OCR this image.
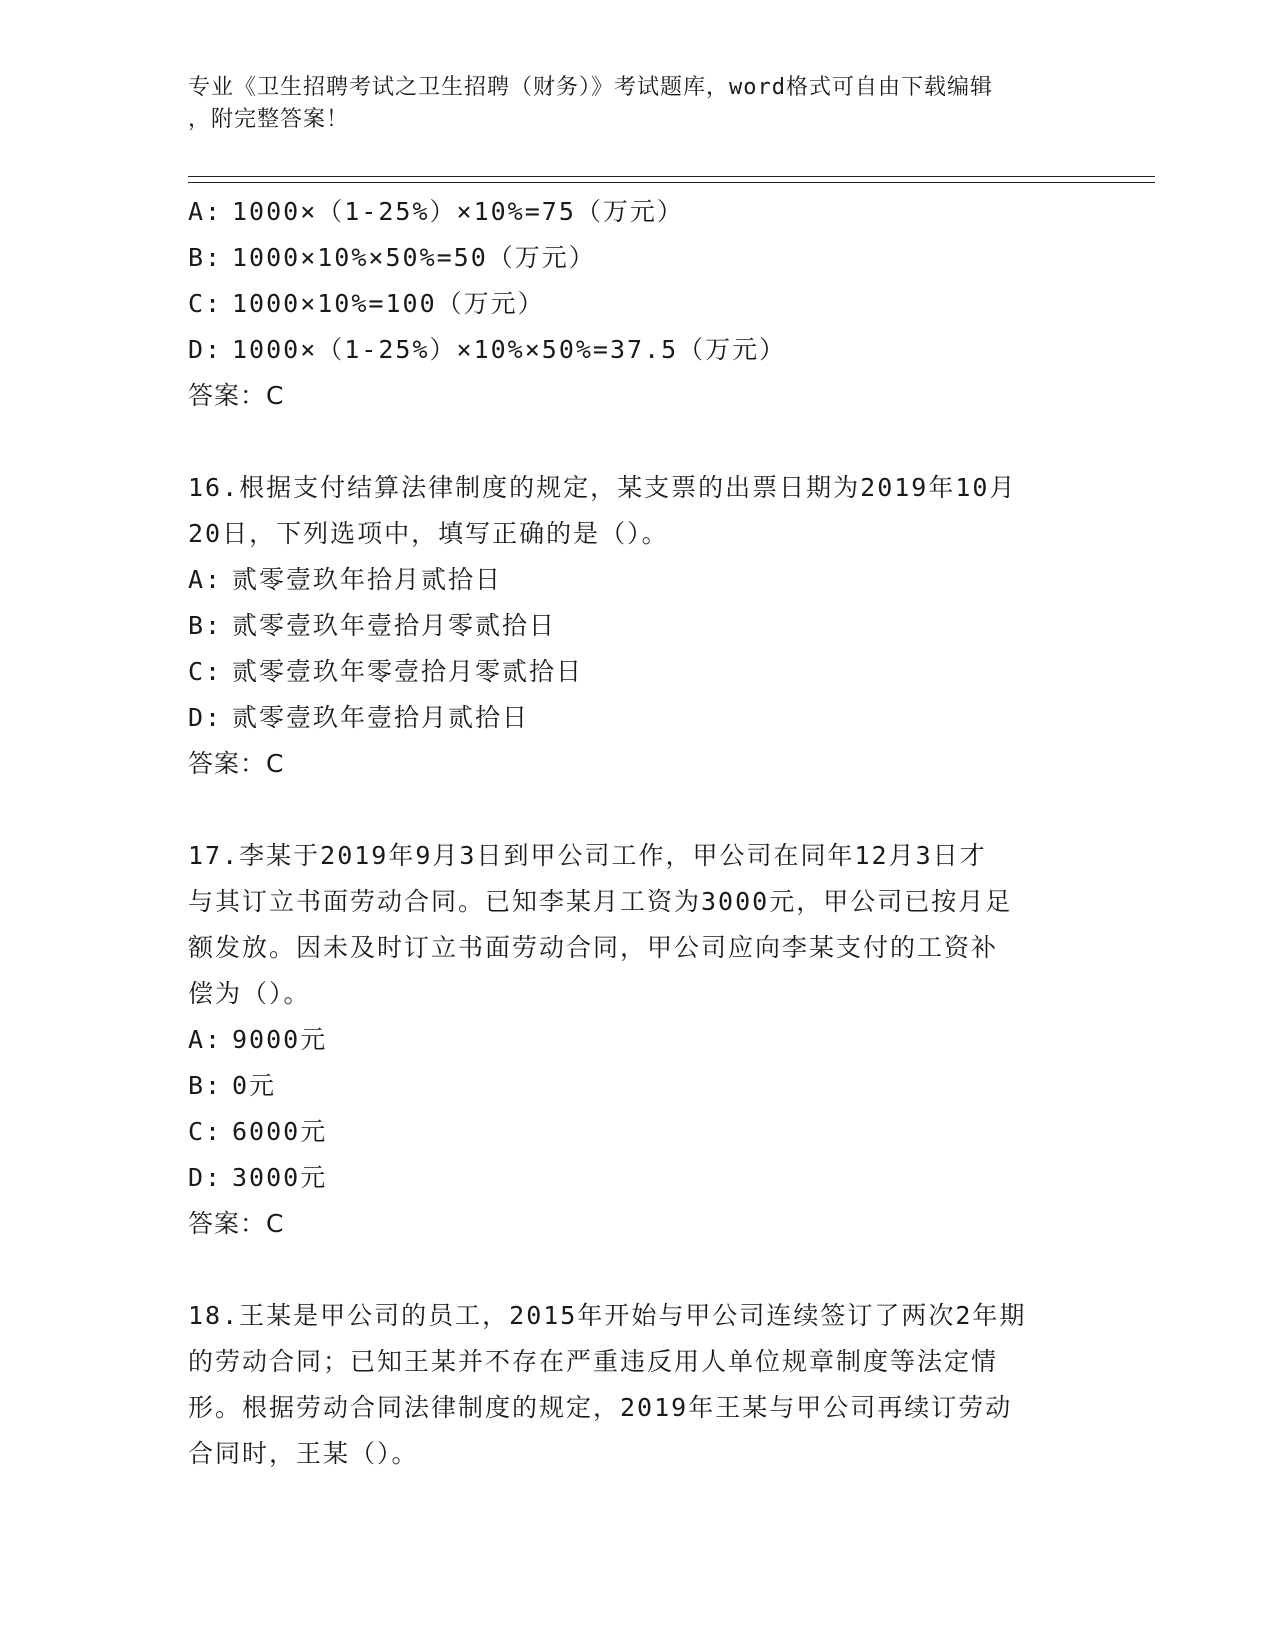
专业《卫生招聘考试之卫生招聘（财务）》考试题库，word格式可自由下载编辑
，附完整答案！
A: 1000×（1-25%）×10%=75（万元）
B: 1000×10%×50%=50（万元）
C: 1000×10%=100（万元）
D: 1000×（1-25%）×10%×50%=37.5（万元）
答案：C
16.根据支付结算法律制度的规定，某支票的出票日期为2019年10月
20日，下列选项中，填写正确的是（）。
A: 贰零壹玖年拾月贰拾日
B: 贰零壹玖年壹拾月零贰拾日
C: 贰零壹玖年零壹拾月零贰拾日
D: 贰零壹玖年壹拾月贰拾日
答案：C
17.李某于2019年9月3日到甲公司工作，甲公司在同年12月3日才
与其订立书面劳动合同。已知李某月工资为3000元，甲公司已按月足
额发放。因未及时订立书面劳动合同，甲公司应向李某支付的工资补
偿为（）。
A: 9000元
B: 0元
C: 6000元
D: 3000元
答案：C
18.王某是甲公司的员工，2015年开始与甲公司连续签订了两次2年期
的劳动合同；已知王某并不存在严重违反用人单位规章制度等法定情
形。根据劳动合同法律制度的规定，2019年王某与甲公司再续订劳动
合同时，王某（）。
